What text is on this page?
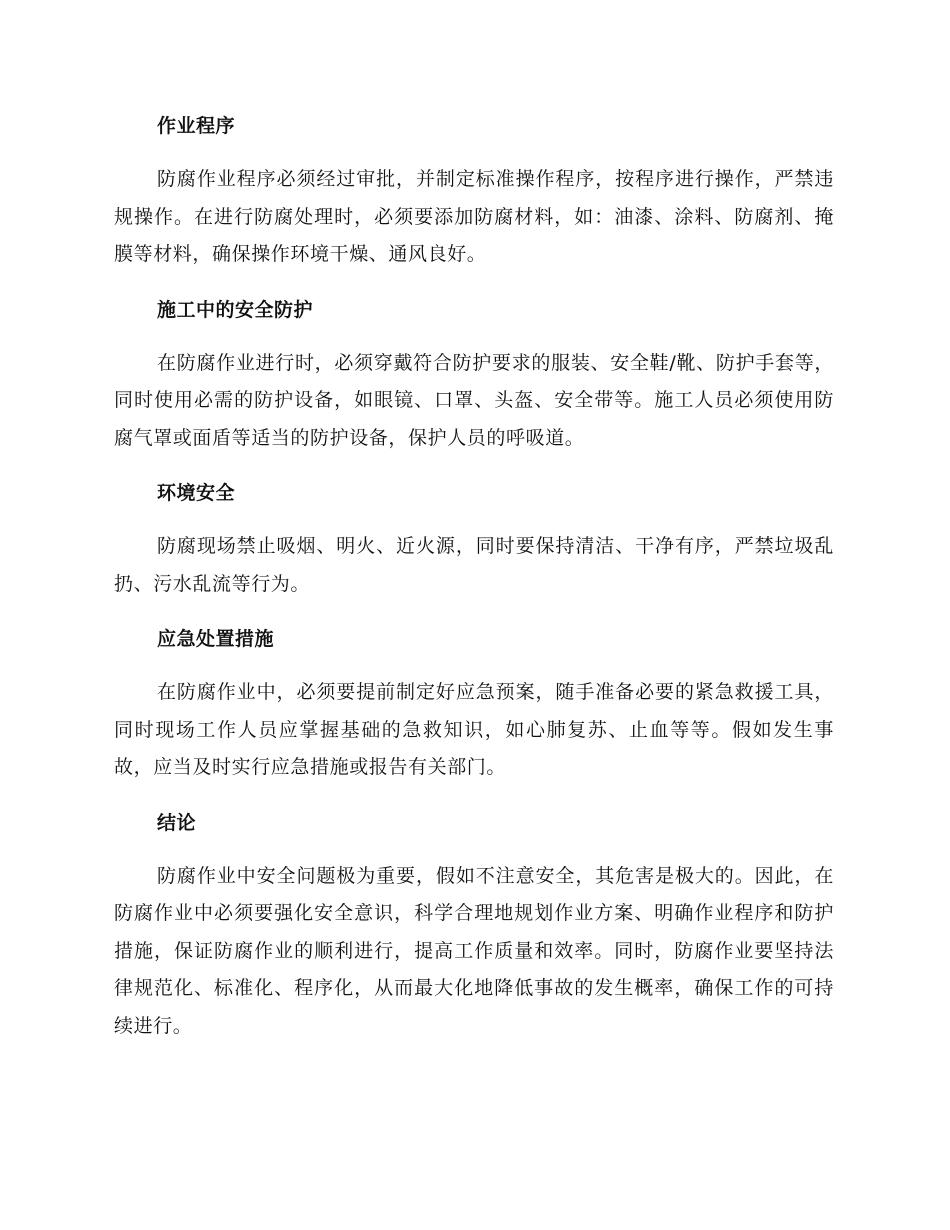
作业程序

防腐作业程序必须经过审批，并制定标准操作程序，按程序进行操作，严禁违规操作。在进行防腐处理时，必须要添加防腐材料，如：油漆、涂料、防腐剂、掩膜等材料，确保操作环境干燥、通风良好。

施工中的安全防护

在防腐作业进行时，必须穿戴符合防护要求的服装、安全鞋/靴、防护手套等，同时使用必需的防护设备，如眼镜、口罩、头盔、安全带等。施工人员必须使用防腐气罩或面盾等适当的防护设备，保护人员的呼吸道。

环境安全

防腐现场禁止吸烟、明火、近火源，同时要保持清洁、干净有序，严禁垃圾乱扔、污水乱流等行为。

应急处置措施

在防腐作业中，必须要提前制定好应急预案，随手准备必要的紧急救援工具，同时现场工作人员应掌握基础的急救知识，如心肺复苏、止血等等。假如发生事故，应当及时实行应急措施或报告有关部门。

结论

防腐作业中安全问题极为重要，假如不注意安全，其危害是极大的。因此，在防腐作业中必须要强化安全意识，科学合理地规划作业方案、明确作业程序和防护措施，保证防腐作业的顺利进行，提高工作质量和效率。同时，防腐作业要坚持法律规范化、标准化、程序化，从而最大化地降低事故的发生概率，确保工作的可持续进行。
